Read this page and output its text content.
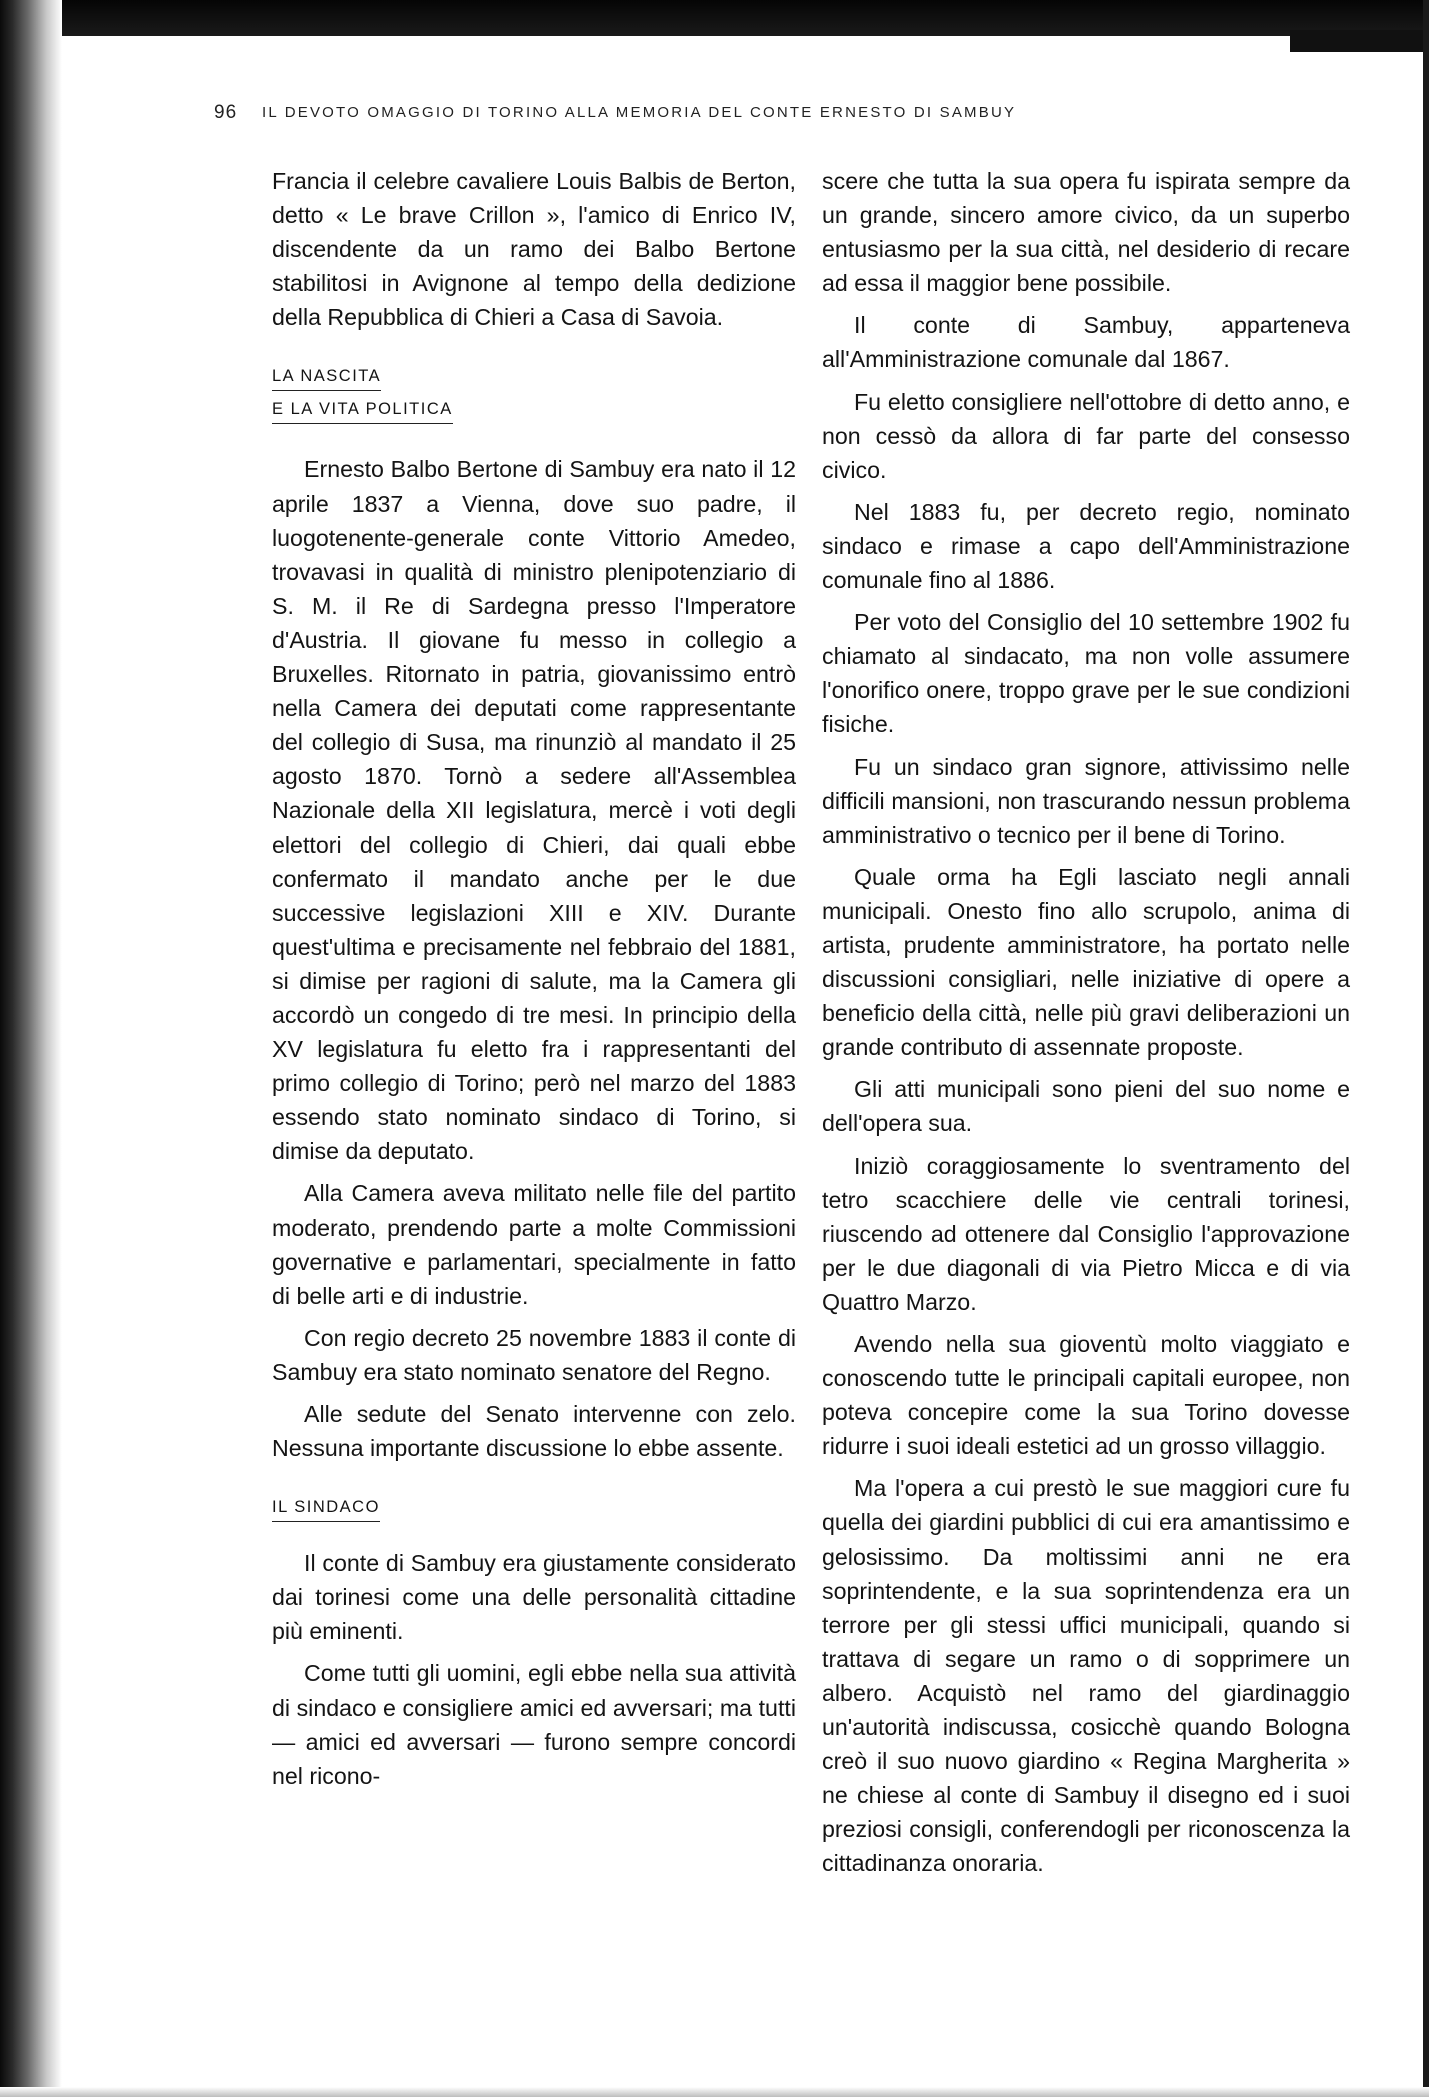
96 IL DEVOTO OMAGGIO DI TORINO ALLA MEMORIA DEL CONTE ERNESTO DI SAMBUY

Francia il celebre cavaliere Louis Balbis de Berton, detto « Le brave Crillon », l'amico di Enrico IV, discendente da un ramo dei Balbo Bertone stabilitosi in Avignone al tempo della dedizione della Repubblica di Chieri a Casa di Savoia.

LA NASCITA
E LA VITA POLITICA

Ernesto Balbo Bertone di Sambuy era nato il 12 aprile 1837 a Vienna, dove suo padre, il luogotenente-generale conte Vittorio Amedeo, trovavasi in qualità di ministro plenipotenziario di S. M. il Re di Sardegna presso l'Imperatore d'Austria. Il giovane fu messo in collegio a Bruxelles. Ritornato in patria, giovanissimo entrò nella Camera dei deputati come rappresentante del collegio di Susa, ma rinunziò al mandato il 25 agosto 1870. Tornò a sedere all'Assemblea Nazionale della XII legislatura, mercè i voti degli elettori del collegio di Chieri, dai quali ebbe confermato il mandato anche per le due successive legislazioni XIII e XIV. Durante quest'ultima e precisamente nel febbraio del 1881, si dimise per ragioni di salute, ma la Camera gli accordò un congedo di tre mesi. In principio della XV legislatura fu eletto fra i rappresentanti del primo collegio di Torino; però nel marzo del 1883 essendo stato nominato sindaco di Torino, si dimise da deputato.

Alla Camera aveva militato nelle file del partito moderato, prendendo parte a molte Commissioni governative e parlamentari, specialmente in fatto di belle arti e di industrie.

Con regio decreto 25 novembre 1883 il conte di Sambuy era stato nominato senatore del Regno.

Alle sedute del Senato intervenne con zelo. Nessuna importante discussione lo ebbe assente.

IL SINDACO

Il conte di Sambuy era giustamente considerato dai torinesi come una delle personalità cittadine più eminenti.

Come tutti gli uomini, egli ebbe nella sua attività di sindaco e consigliere amici ed avversari; ma tutti — amici ed avversari — furono sempre concordi nel ricono-

scere che tutta la sua opera fu ispirata sempre da un grande, sincero amore civico, da un superbo entusiasmo per la sua città, nel desiderio di recare ad essa il maggior bene possibile.

Il conte di Sambuy, apparteneva all'Amministrazione comunale dal 1867.

Fu eletto consigliere nell'ottobre di detto anno, e non cessò da allora di far parte del consesso civico.

Nel 1883 fu, per decreto regio, nominato sindaco e rimase a capo dell'Amministrazione comunale fino al 1886.

Per voto del Consiglio del 10 settembre 1902 fu chiamato al sindacato, ma non volle assumere l'onorifico onere, troppo grave per le sue condizioni fisiche.

Fu un sindaco gran signore, attivissimo nelle difficili mansioni, non trascurando nessun problema amministrativo o tecnico per il bene di Torino.

Quale orma ha Egli lasciato negli annali municipali. Onesto fino allo scrupolo, anima di artista, prudente amministratore, ha portato nelle discussioni consigliari, nelle iniziative di opere a beneficio della città, nelle più gravi deliberazioni un grande contributo di assennate proposte.

Gli atti municipali sono pieni del suo nome e dell'opera sua.

Iniziò coraggiosamente lo sventramento del tetro scacchiere delle vie centrali torinesi, riuscendo ad ottenere dal Consiglio l'approvazione per le due diagonali di via Pietro Micca e di via Quattro Marzo.

Avendo nella sua gioventù molto viaggiato e conoscendo tutte le principali capitali europee, non poteva concepire come la sua Torino dovesse ridurre i suoi ideali estetici ad un grosso villaggio.

Ma l'opera a cui prestò le sue maggiori cure fu quella dei giardini pubblici di cui era amantissimo e gelosissimo. Da moltissimi anni ne era soprintendente, e la sua soprintendenza era un terrore per gli stessi uffici municipali, quando si trattava di segare un ramo o di sopprimere un albero. Acquistò nel ramo del giardinaggio un'autorità indiscussa, cosicchè quando Bologna creò il suo nuovo giardino « Regina Margherita » ne chiese al conte di Sambuy il disegno ed i suoi preziosi consigli, conferendogli per riconoscenza la cittadinanza onoraria.
